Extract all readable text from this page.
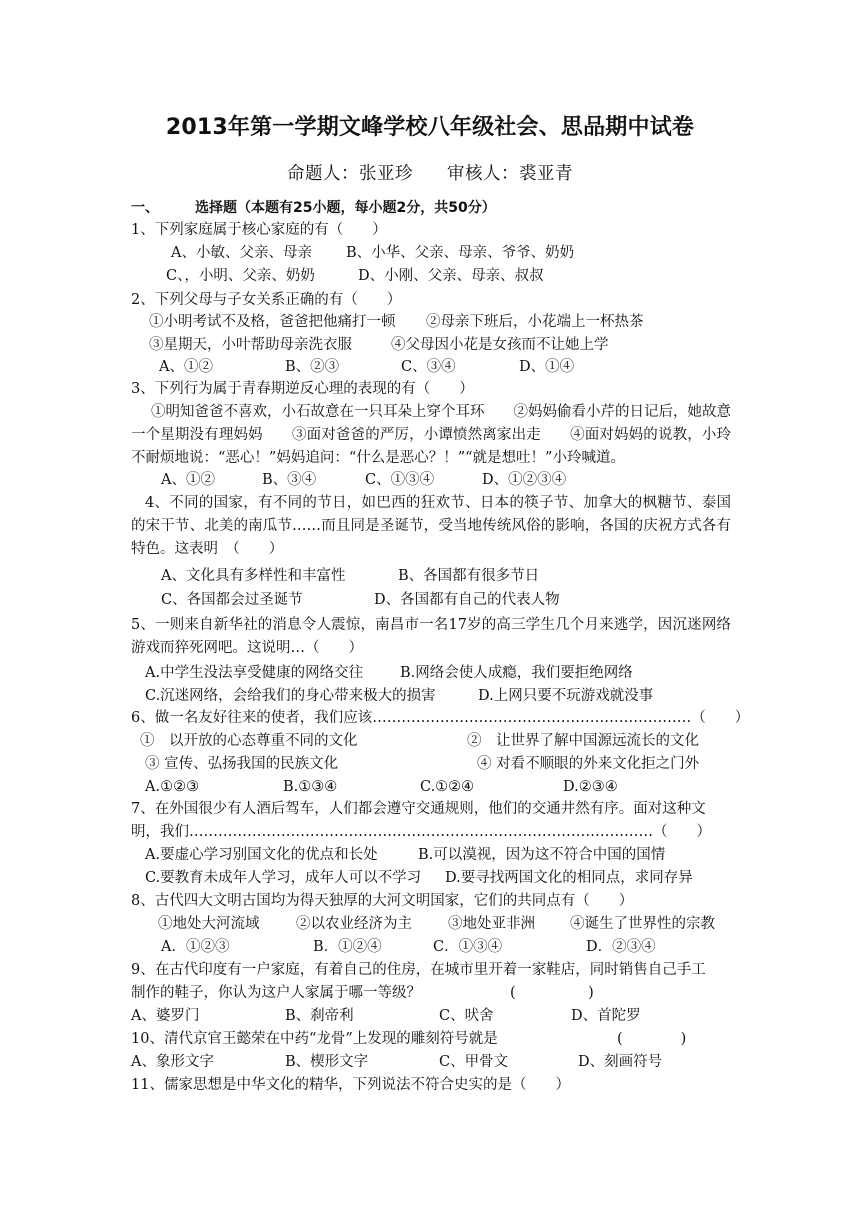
2013年第一学期文峰学校八年级社会、思品期中试卷
命题人：张亚珍 审核人：裘亚青
一、	选择题（本题有25小题，每小题2分，共50分）
1、下列家庭属于核心家庭的有（　　）
A、小敏、父亲、母亲 B、小华、父亲、母亲、爷爷、奶奶
C、，小明、父亲、奶奶	D、小刚、父亲、母亲、叔叔
2、下列父母与子女关系正确的有（　　）
①小明考试不及格，爸爸把他痛打一顿 ②母亲下班后，小花端上一杯热茶
③星期天，小叶帮助母亲洗衣服	④父母因小花是女孩而不让她上学
A、①②	B、②③	C、③④	D、①④
3、下列行为属于青春期逆反心理的表现的有（　　）
①明知爸爸不喜欢，小石故意在一只耳朵上穿个耳环　　②妈妈偷看小芹的日记后，她故意一个星期没有理妈妈　　③面对爸爸的严厉，小谭愤然离家出走　　④面对妈妈的说教，小玲不耐烦地说：“恶心！”妈妈追问：“什么是恶心？！”“就是想吐！”小玲喊道。
A、①②	B、③④	C、①③④	D、①②③④
4、不同的国家，有不同的节日，如巴西的狂欢节、日本的筷子节、加拿大的枫糖节、泰国的宋干节、北美的南瓜节……而且同是圣诞节，受当地传统风俗的影响，各国的庆祝方式各有特色。这表明　（　　）
A、文化具有多样性和丰富性	B、各国都有很多节日
C、各国都会过圣诞节	D、各国都有自己的代表人物
5、一则来自新华社的消息令人震惊，南昌市一名17岁的高三学生几个月来逃学，因沉迷网络游戏而猝死网吧。这说明…（　　）
A.中学生没法享受健康的网络交往	B.网络会使人成瘾，我们要拒绝网络
C.沉迷网络，会给我们的身心带来极大的损害	D.上网只要不玩游戏就没事
6、做一名友好往来的使者，我们应该…………………………………………………………（　　）
①　以开放的心态尊重不同的文化	②　让世界了解中国源远流长的文化
③ 宣传、弘扬我国的民族文化	④ 对看不顺眼的外来文化拒之门外
A.①②③	B.①③④	C.①②④	D.②③④
7、在外国很少有人酒后驾车，人们都会遵守交通规则，他们的交通井然有序。面对这种文
明，我们……………………………………………………………………………………（　　）
A.要虚心学习别国文化的优点和长处	B.可以漠视，因为这不符合中国的国情
C.要教育未成年人学习，成年人可以不学习 D.要寻找两国文化的相同点，求同存异
8、古代四大文明古国均为得天独厚的大河文明国家，它们的共同点有（　　）
①地处大河流域	②以农业经济为主 ③地处亚非洲 ④诞生了世界性的宗教
A．①②③	B．①②④	C．①③④	D．②③④
9、在古代印度有一户家庭，有着自己的住房，在城市里开着一家鞋店，同时销售自己手工
制作的鞋子，你认为这户人家属于哪一等级？	(　　　　　)
A、婆罗门	B、刹帝利	C、吠舍	D、首陀罗
10、清代京官王懿荣在中药“龙骨”上发现的雕刻符号就是	(　　　　)
A、象形文字	B、楔形文字	C、甲骨文	D、刻画符号
11、儒家思想是中华文化的精华，下列说法不符合史实的是（　　）
